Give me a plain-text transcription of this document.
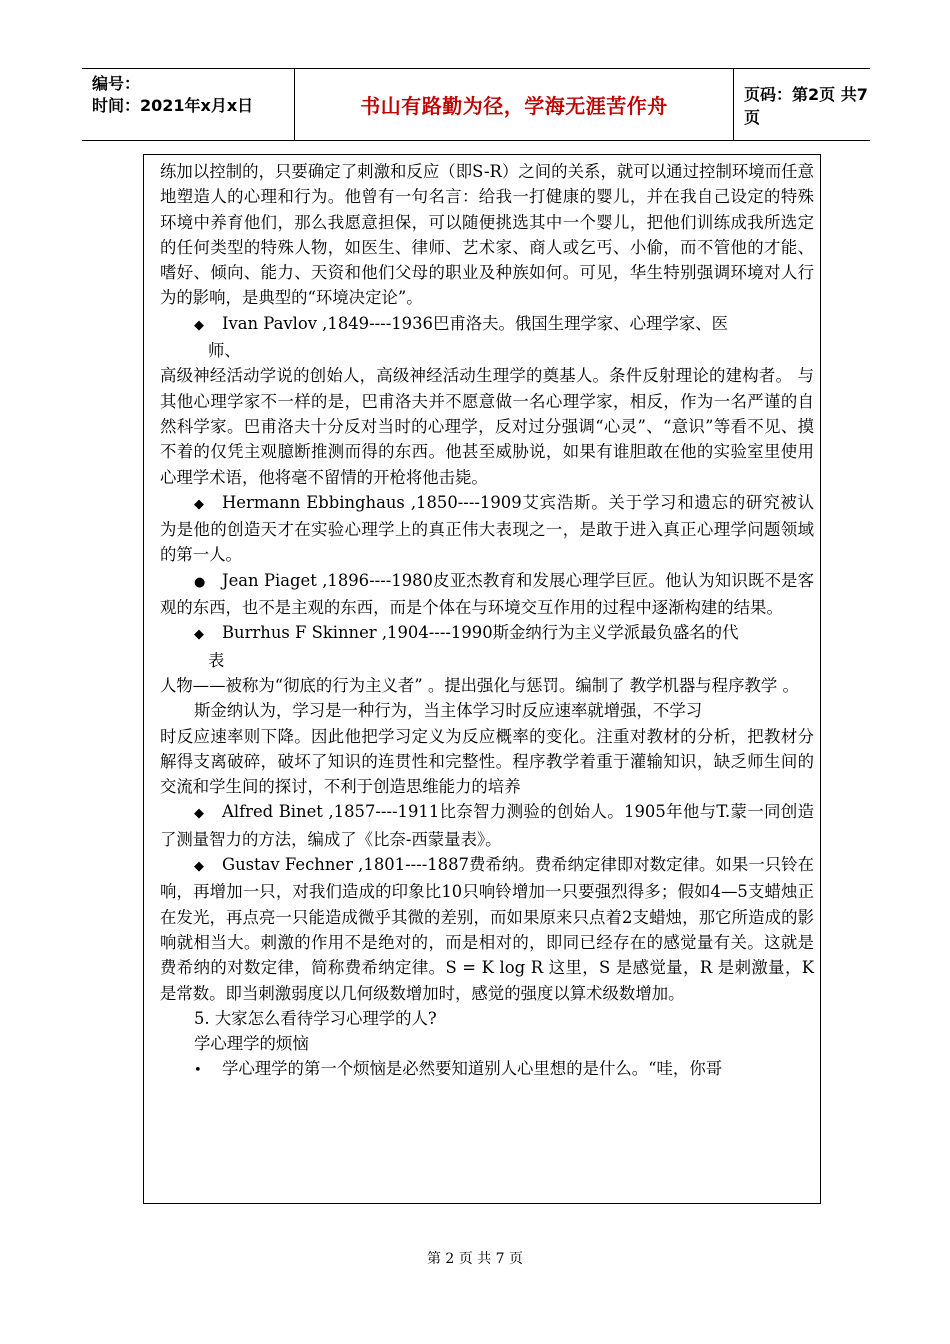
编号：
时间：2021年x月x日	书山有路勤为径，学海无涯苦作舟	页码：第2页 共7页

练加以控制的，只要确定了刺激和反应（即S-R）之间的关系，就可以通过控制环境而任意地塑造人的心理和行为。他曾有一句名言：给我一打健康的婴儿，并在我自己设定的特殊环境中养育他们，那么我愿意担保，可以随便挑选其中一个婴儿，把他们训练成我所选定的任何类型的特殊人物，如医生、律师、艺术家、商人或乞丐、小偷，而不管他的才能、嗜好、倾向、能力、天资和他们父母的职业及种族如何。可见，华生特别强调环境对人行为的影响，是典型的“环境决定论”。

◆ Ivan Pavlov ,1849----1936巴甫洛夫。俄国生理学家、心理学家、医

师、

高级神经活动学说的创始人，高级神经活动生理学的奠基人。条件反射理论的建构者。 与其他心理学家不一样的是，巴甫洛夫并不愿意做一名心理学家，相反，作为一名严谨的自然科学家。巴甫洛夫十分反对当时的心理学，反对过分强调“心灵”、“意识”等看不见、摸不着的仅凭主观臆断推测而得的东西。他甚至威胁说，如果有谁胆敢在他的实验室里使用心理学术语，他将毫不留情的开枪将他击毙。

◆ Hermann Ebbinghaus ,1850----1909艾宾浩斯。关于学习和遗忘的研究被认为是他的创造天才在实验心理学上的真正伟大表现之一，是敢于进入真正心理学问题领域的第一人。

● Jean Piaget ,1896----1980皮亚杰教育和发展心理学巨匠。他认为知识既不是客观的东西，也不是主观的东西，而是个体在与环境交互作用的过程中逐渐构建的结果。

◆ Burrhus F Skinner ,1904----1990斯金纳行为主义学派最负盛名的代

表

人物——被称为“彻底的行为主义者” 。提出强化与惩罚。编制了 教学机器与程序教学 。

斯金纳认为，学习是一种行为，当主体学习时反应速率就增强，不学习

时反应速率则下降。因此他把学习定义为反应概率的变化。注重对教材的分析，把教材分解得支离破碎，破坏了知识的连贯性和完整性。程序教学着重于灌输知识，缺乏师生间的交流和学生间的探讨，不利于创造思维能力的培养

◆ Alfred Binet ,1857----1911比奈智力测验的创始人。1905年他与T.蒙一同创造了测量智力的方法，编成了《比奈-西蒙量表》。

◆ Gustav Fechner ,1801----1887费希纳。费希纳定律即对数定律。如果一只铃在响，再增加一只，对我们造成的印象比10只响铃增加一只要强烈得多；假如4—5支蜡烛正在发光，再点亮一只能造成微乎其微的差别，而如果原来只点着2支蜡烛，那它所造成的影响就相当大。刺激的作用不是绝对的，而是相对的，即同已经存在的感觉量有关。这就是费希纳的对数定律，简称费希纳定律。S = K log R 这里，S 是感觉量，R 是刺激量，K 是常数。即当刺激弱度以几何级数增加时，感觉的强度以算术级数增加。

5. 大家怎么看待学习心理学的人?

学心理学的烦恼

• 学心理学的第一个烦恼是必然要知道别人心里想的是什么。“哇，你哥

第 2 页 共 7 页
